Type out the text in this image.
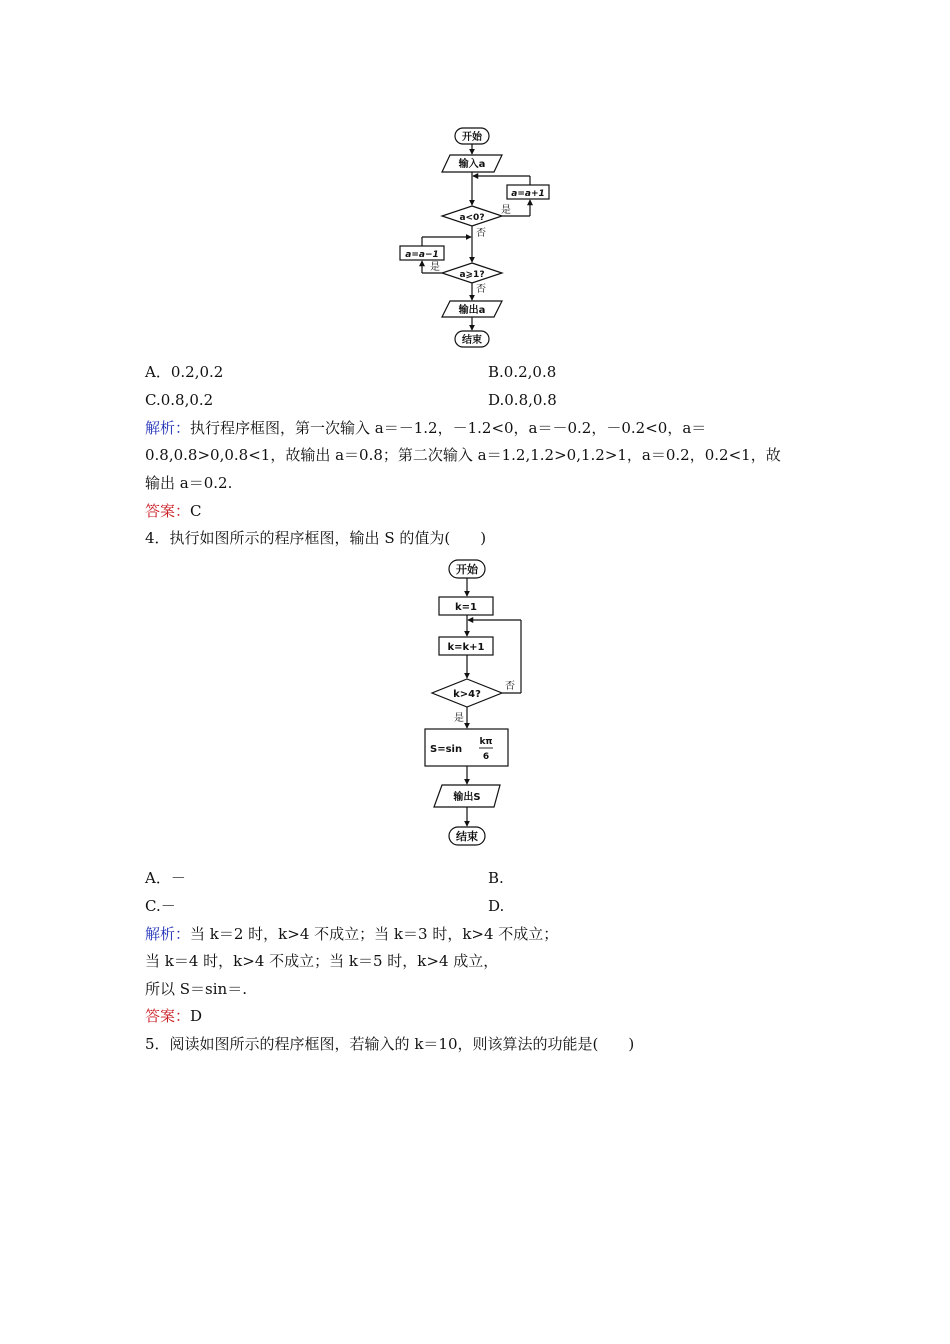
开始
输入a
a=a+1
是
a<0?
否
a=a−1
是
a⩾1?
否
输出a
结束
A．0.2,0.2	B.0.2,0.8
C.0.8,0.2	D.0.8,0.8
解析：执行程序框图，第一次输入 a＝－1.2，－1.2<0，a＝－0.2，－0.2<0，a＝
0.8,0.8>0,0.8<1，故输出 a＝0.8；第二次输入 a＝1.2,1.2>0,1.2>1，a＝0.2，0.2<1，故
输出 a＝0.2.
答案：C
4．执行如图所示的程序框图，输出 S 的值为(　　)
开始
k=1
k=k+1
k>4?
否
是
S=sin
kπ
6
输出S
结束
A．－	B.
C.－	D.
解析：当 k＝2 时，k>4 不成立；当 k＝3 时，k>4 不成立；
当 k＝4 时，k>4 不成立；当 k＝5 时，k>4 成立，
所以 S＝sin＝.
答案：D
5．阅读如图所示的程序框图，若输入的 k＝10，则该算法的功能是(　　)
